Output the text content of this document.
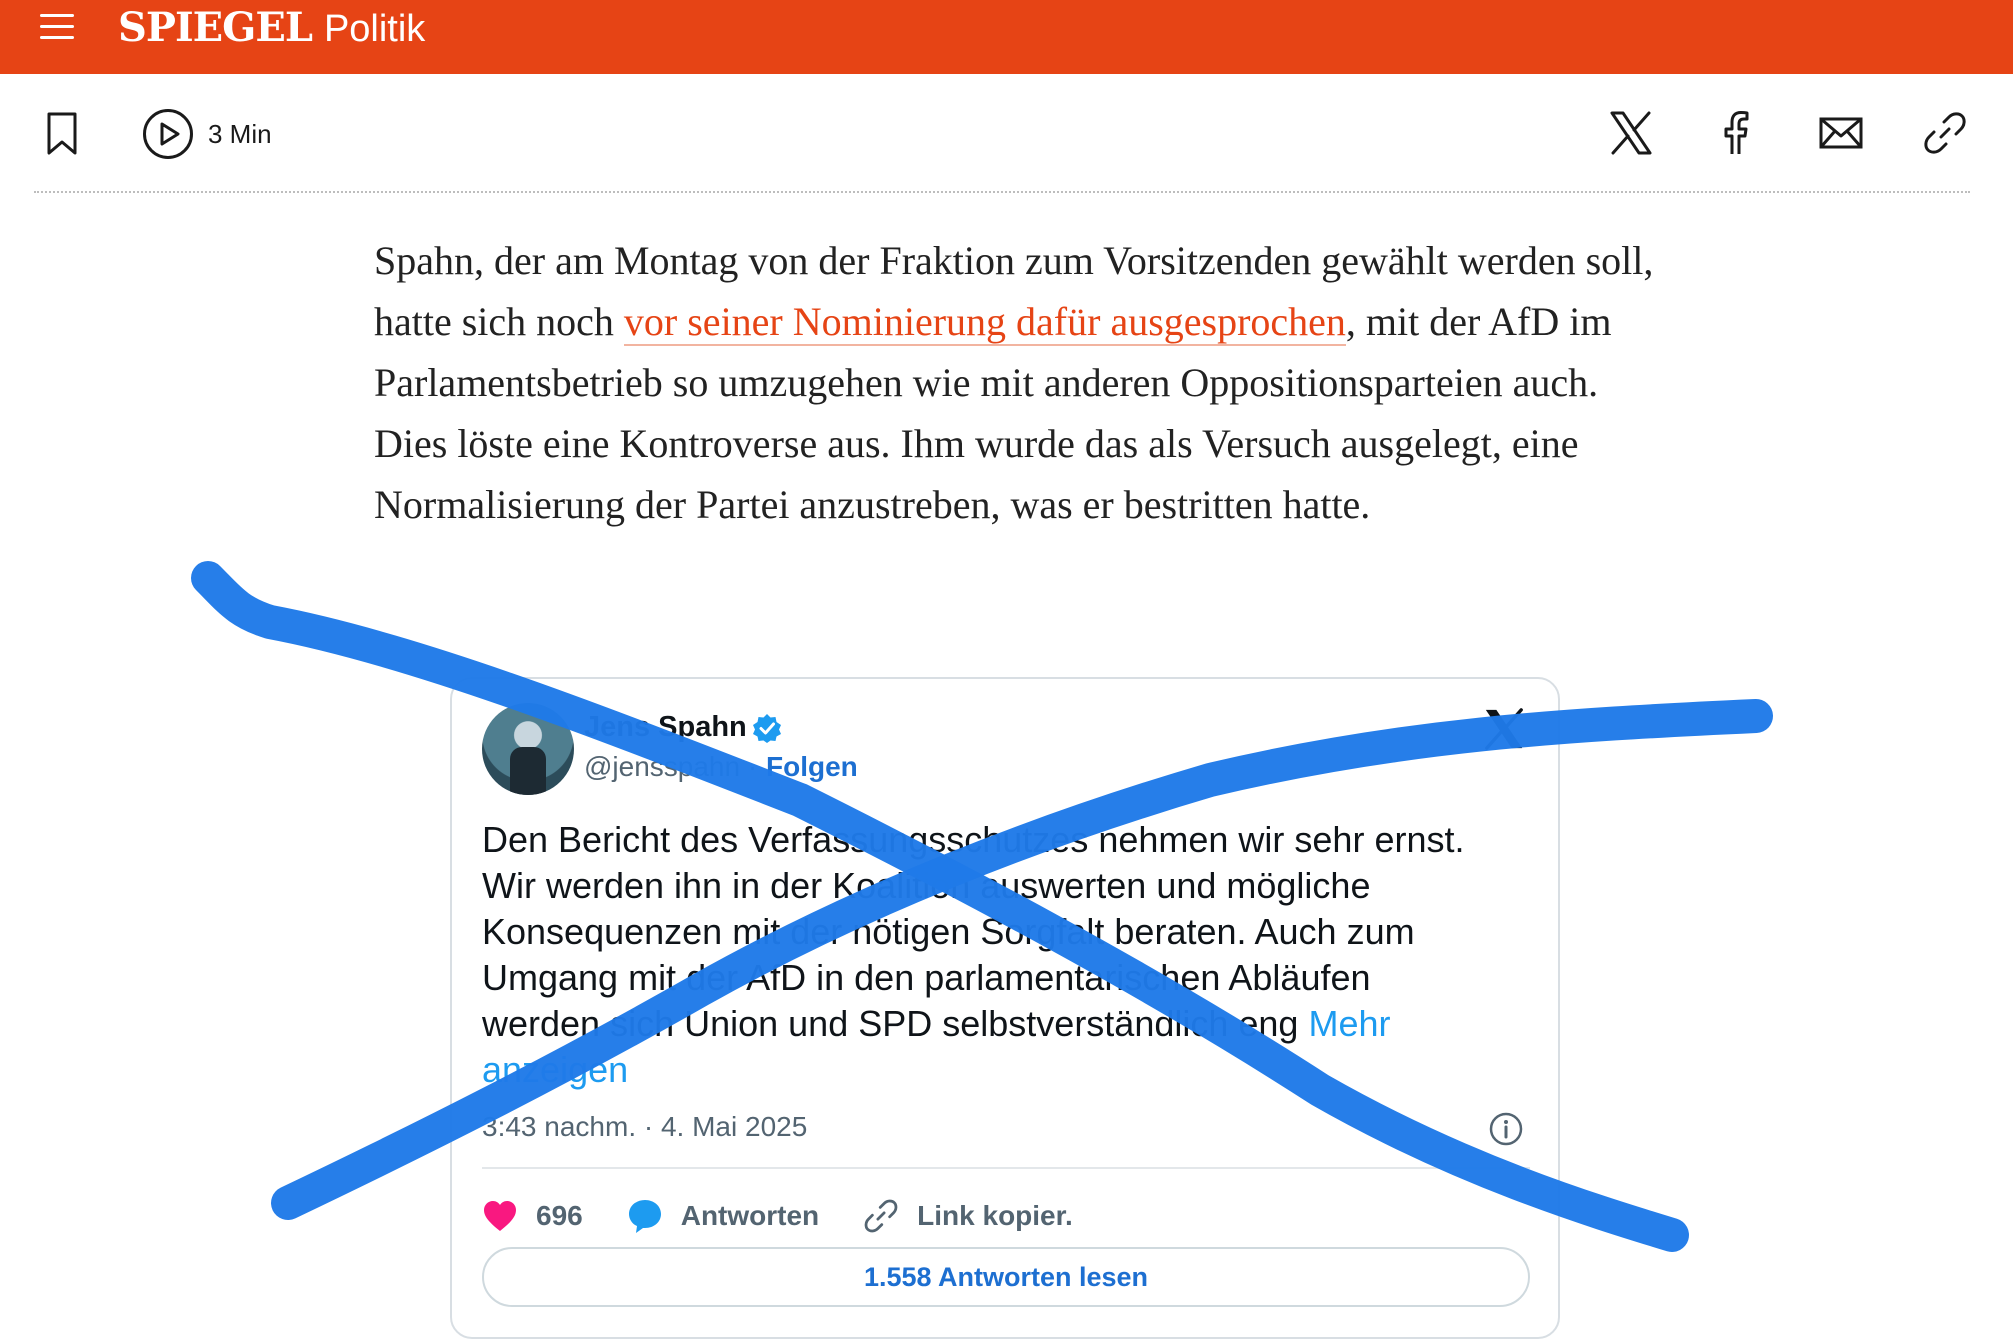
SPIEGEL Politik
3 Min

Spahn, der am Montag von der Fraktion zum Vorsitzenden gewählt werden soll, hatte sich noch vor seiner Nominierung dafür ausgesprochen, mit der AfD im Parlamentsbetrieb so umzugehen wie mit anderen Oppositionsparteien auch. Dies löste eine Kontroverse aus. Ihm wurde das als Versuch ausgelegt, eine Normalisierung der Partei anzustreben, was er bestritten hatte.

Jens Spahn
@jensspahn · Folgen

Den Bericht des Verfassungsschutzes nehmen wir sehr ernst. Wir werden ihn in der Koalition auswerten und mögliche Konsequenzen mit der nötigen Sorgfalt beraten. Auch zum Umgang mit der AfD in den parlamentarischen Abläufen werden sich Union und SPD selbstverständlich eng Mehr anzeigen

3:43 nachm. · 4. Mai 2025
696	Antworten	Link kopier.
1.558 Antworten lesen
